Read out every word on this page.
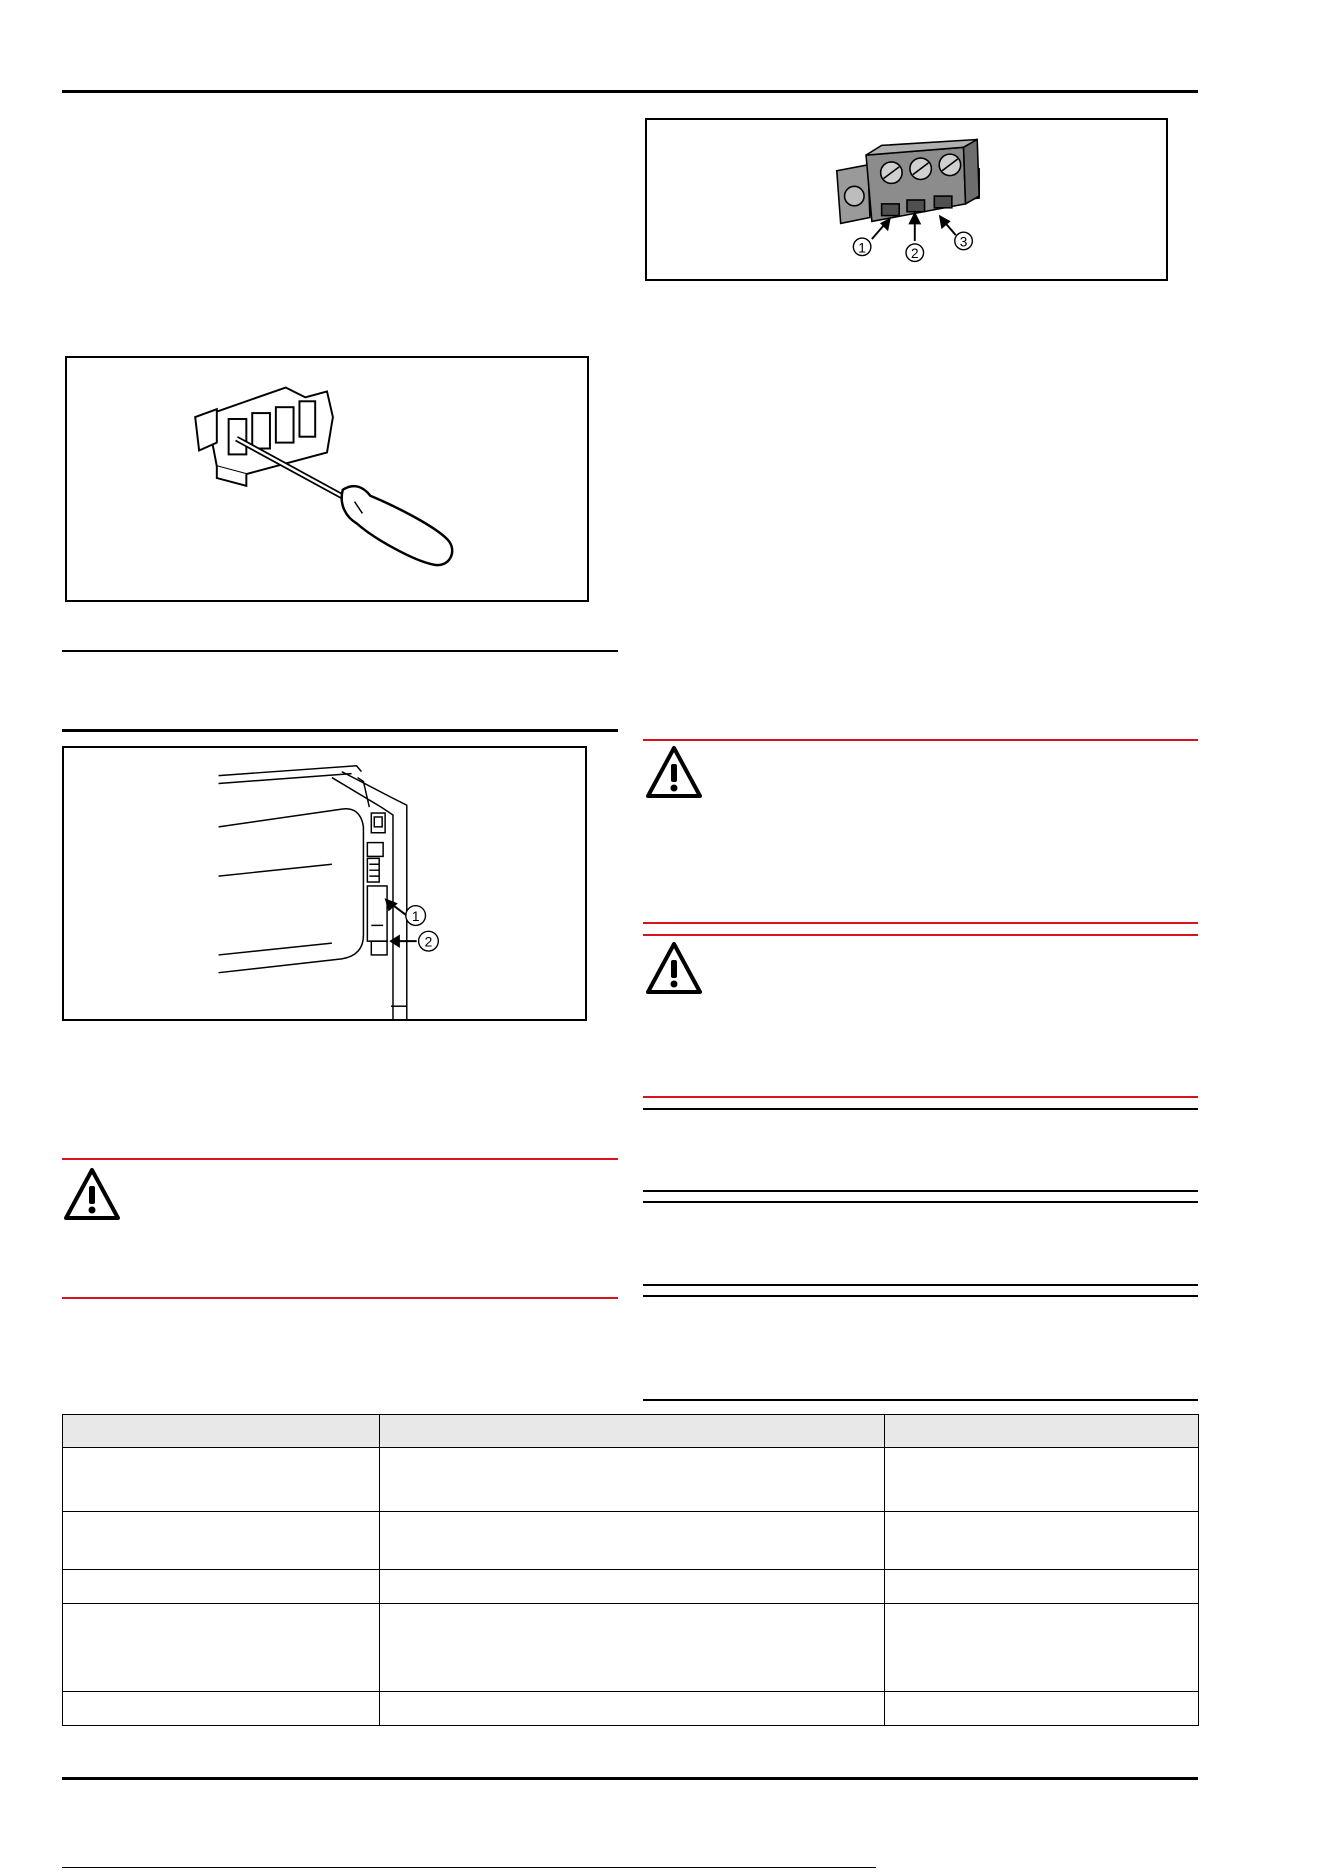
1	2
3
1
2
